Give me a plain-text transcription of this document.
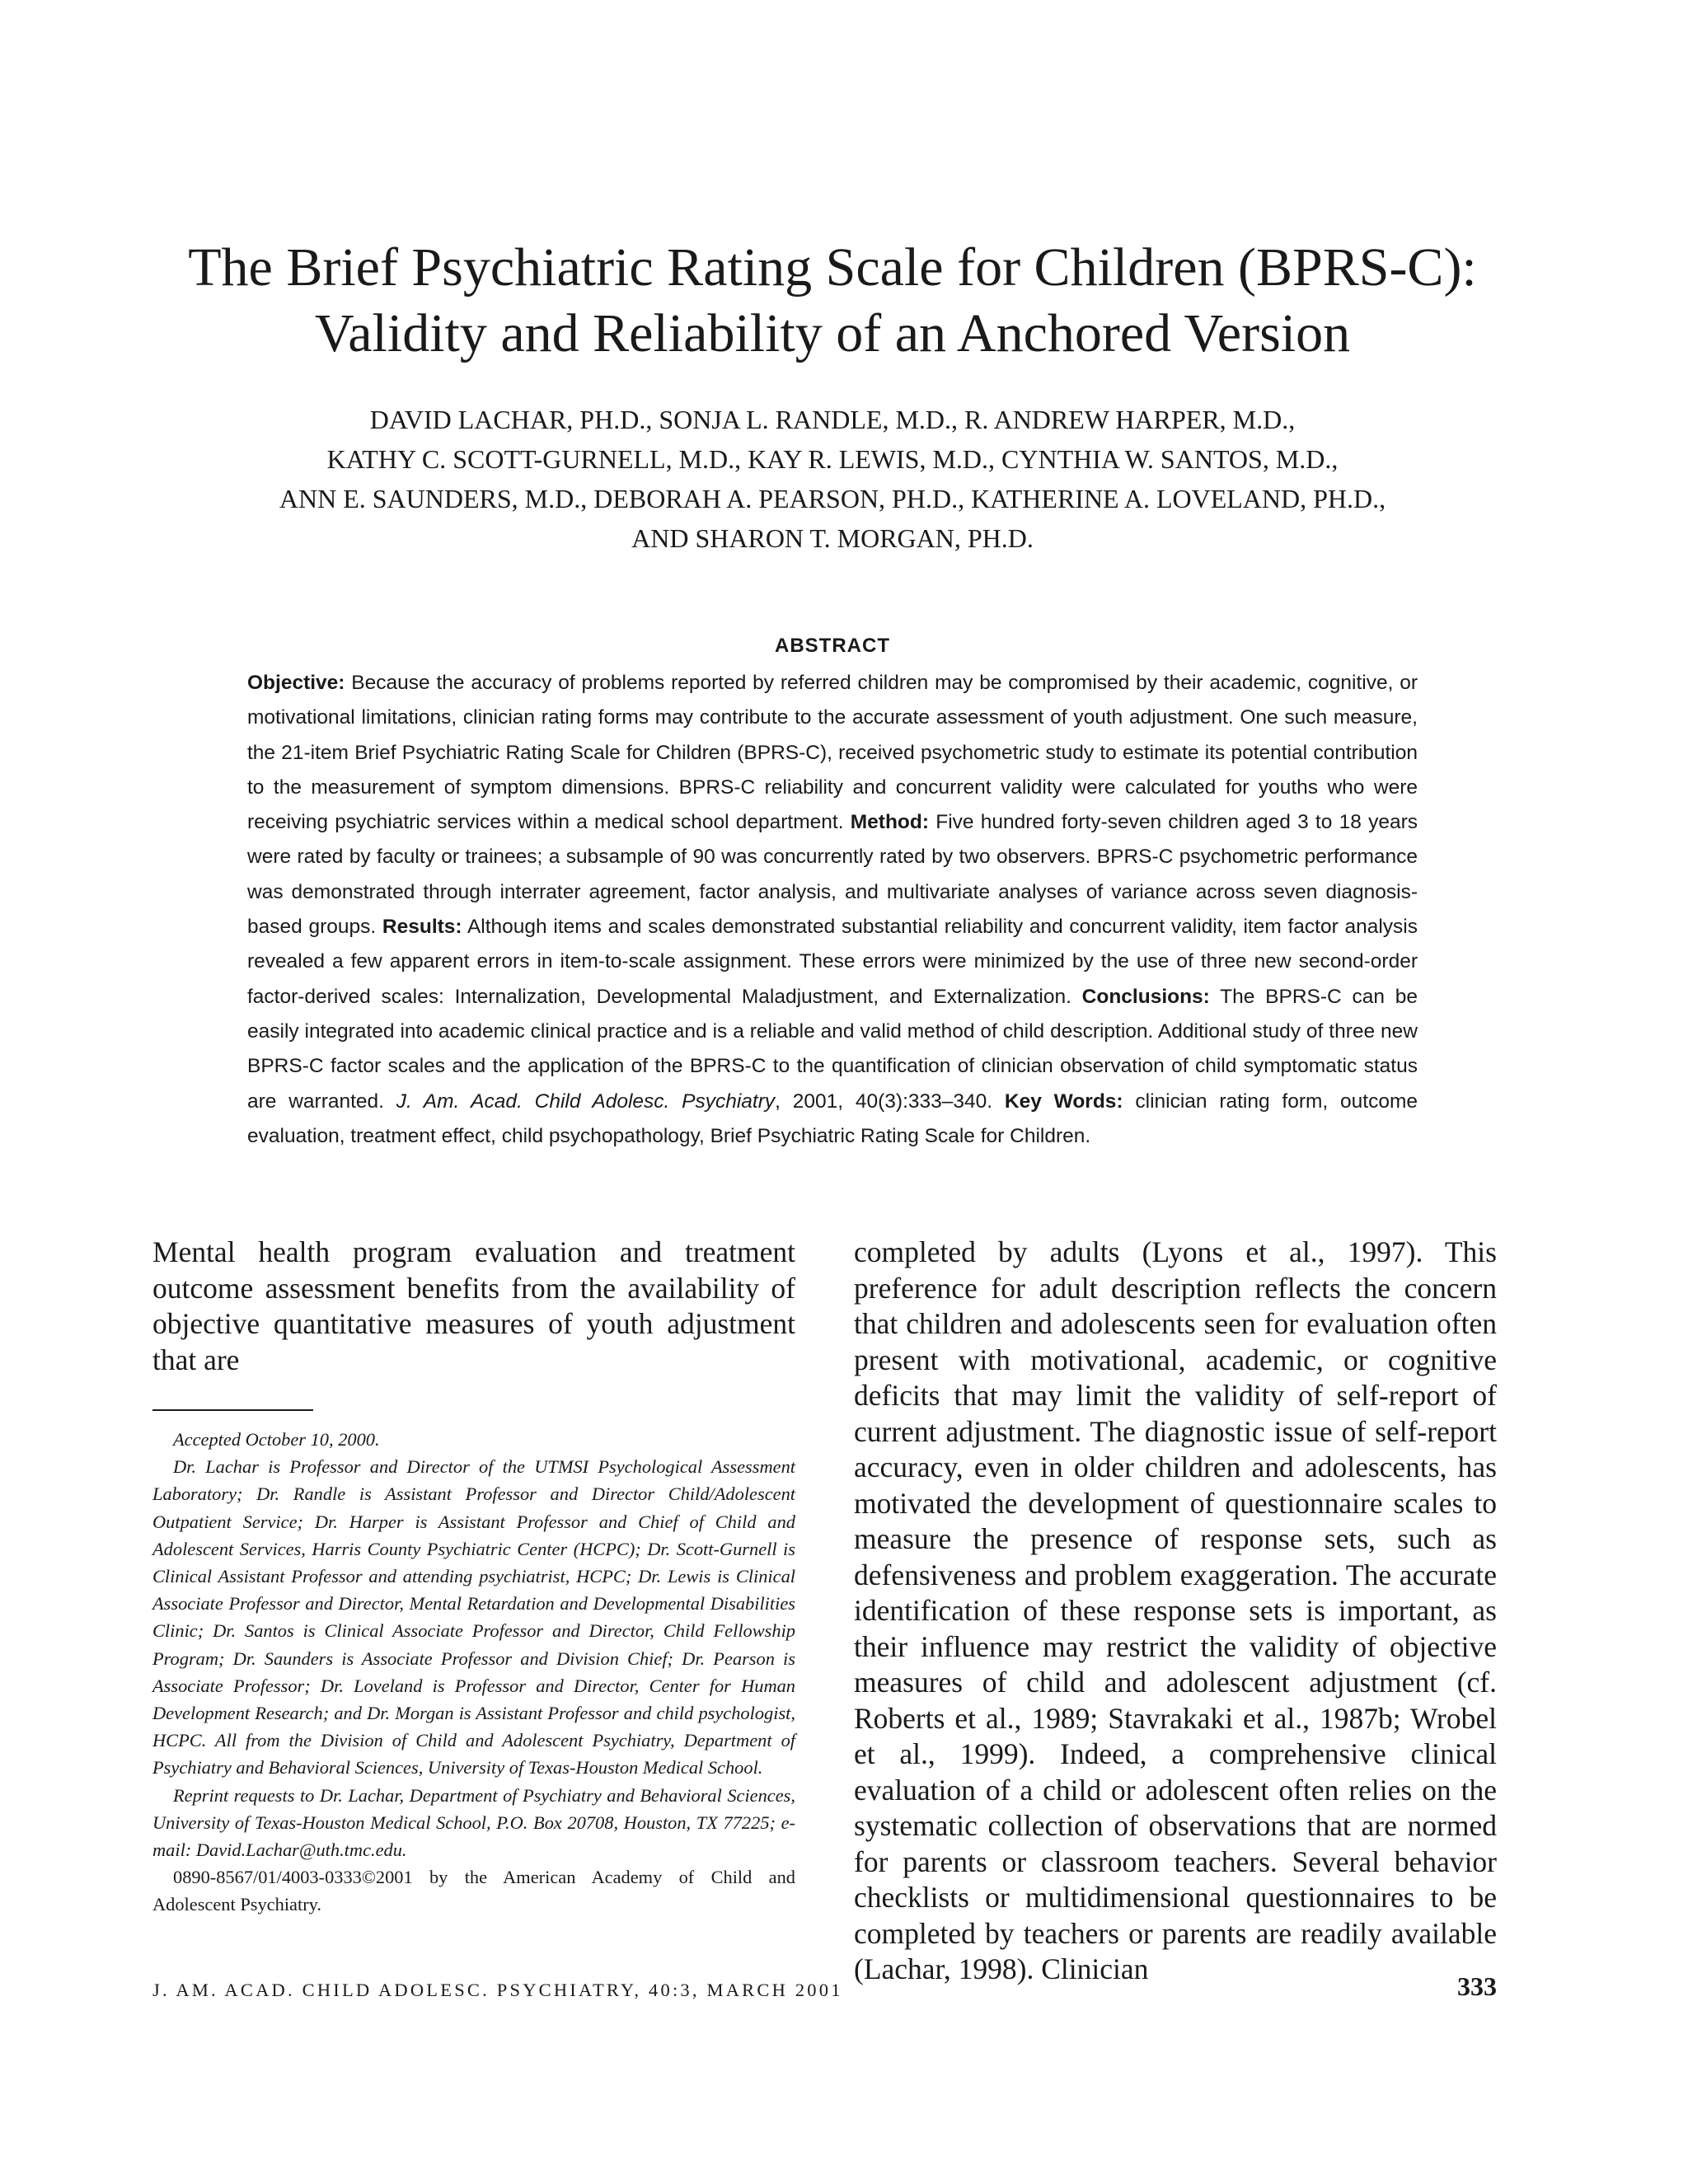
The Brief Psychiatric Rating Scale for Children (BPRS-C):
Validity and Reliability of an Anchored Version
DAVID LACHAR, PH.D., SONJA L. RANDLE, M.D., R. ANDREW HARPER, M.D.,
KATHY C. SCOTT-GURNELL, M.D., KAY R. LEWIS, M.D., CYNTHIA W. SANTOS, M.D.,
ANN E. SAUNDERS, M.D., DEBORAH A. PEARSON, PH.D., KATHERINE A. LOVELAND, PH.D.,
AND SHARON T. MORGAN, PH.D.
ABSTRACT
Objective: Because the accuracy of problems reported by referred children may be compromised by their academic, cognitive, or motivational limitations, clinician rating forms may contribute to the accurate assessment of youth adjustment. One such measure, the 21-item Brief Psychiatric Rating Scale for Children (BPRS-C), received psychometric study to estimate its potential contribution to the measurement of symptom dimensions. BPRS-C reliability and concurrent validity were calculated for youths who were receiving psychiatric services within a medical school department. Method: Five hundred forty-seven children aged 3 to 18 years were rated by faculty or trainees; a subsample of 90 was concurrently rated by two observers. BPRS-C psychometric performance was demonstrated through interrater agreement, factor analysis, and multivariate analyses of variance across seven diagnosis-based groups. Results: Although items and scales demonstrated substantial reliability and concurrent validity, item factor analysis revealed a few apparent errors in item-to-scale assignment. These errors were minimized by the use of three new second-order factor-derived scales: Internalization, Developmental Maladjustment, and Externalization. Conclusions: The BPRS-C can be easily integrated into academic clinical practice and is a reliable and valid method of child description. Additional study of three new BPRS-C factor scales and the application of the BPRS-C to the quantification of clinician observation of child symptomatic status are warranted. J. Am. Acad. Child Adolesc. Psychiatry, 2001, 40(3):333–340. Key Words: clinician rating form, outcome evaluation, treatment effect, child psychopathology, Brief Psychiatric Rating Scale for Children.

Mental health program evaluation and treatment outcome assessment benefits from the availability of objective quantitative measures of youth adjustment that are

Accepted October 10, 2000.

Dr. Lachar is Professor and Director of the UTMSI Psychological Assessment Laboratory; Dr. Randle is Assistant Professor and Director Child/Adolescent Outpatient Service; Dr. Harper is Assistant Professor and Chief of Child and Adolescent Services, Harris County Psychiatric Center (HCPC); Dr. Scott-Gurnell is Clinical Assistant Professor and attending psychiatrist, HCPC; Dr. Lewis is Clinical Associate Professor and Director, Mental Retardation and Developmental Disabilities Clinic; Dr. Santos is Clinical Associate Professor and Director, Child Fellowship Program; Dr. Saunders is Associate Professor and Division Chief; Dr. Pearson is Associate Professor; Dr. Loveland is Professor and Director, Center for Human Development Research; and Dr. Morgan is Assistant Professor and child psychologist, HCPC. All from the Division of Child and Adolescent Psychiatry, Department of Psychiatry and Behavioral Sciences, University of Texas-Houston Medical School.

Reprint requests to Dr. Lachar, Department of Psychiatry and Behavioral Sciences, University of Texas-Houston Medical School, P.O. Box 20708, Houston, TX 77225; e-mail: David.Lachar@uth.tmc.edu.

0890-8567/01/4003-0333©2001 by the American Academy of Child and Adolescent Psychiatry.

completed by adults (Lyons et al., 1997). This preference for adult description reflects the concern that children and adolescents seen for evaluation often present with motivational, academic, or cognitive deficits that may limit the validity of self-report of current adjustment. The diagnostic issue of self-report accuracy, even in older children and adolescents, has motivated the development of questionnaire scales to measure the presence of response sets, such as defensiveness and problem exaggeration. The accurate identification of these response sets is important, as their influence may restrict the validity of objective measures of child and adolescent adjustment (cf. Roberts et al., 1989; Stavrakaki et al., 1987b; Wrobel et al., 1999). Indeed, a comprehensive clinical evaluation of a child or adolescent often relies on the systematic collection of observations that are normed for parents or classroom teachers. Several behavior checklists or multidimensional questionnaires to be completed by teachers or parents are readily available (Lachar, 1998). Clinician

J. AM. ACAD. CHILD ADOLESC. PSYCHIATRY, 40:3, MARCH 2001	333
